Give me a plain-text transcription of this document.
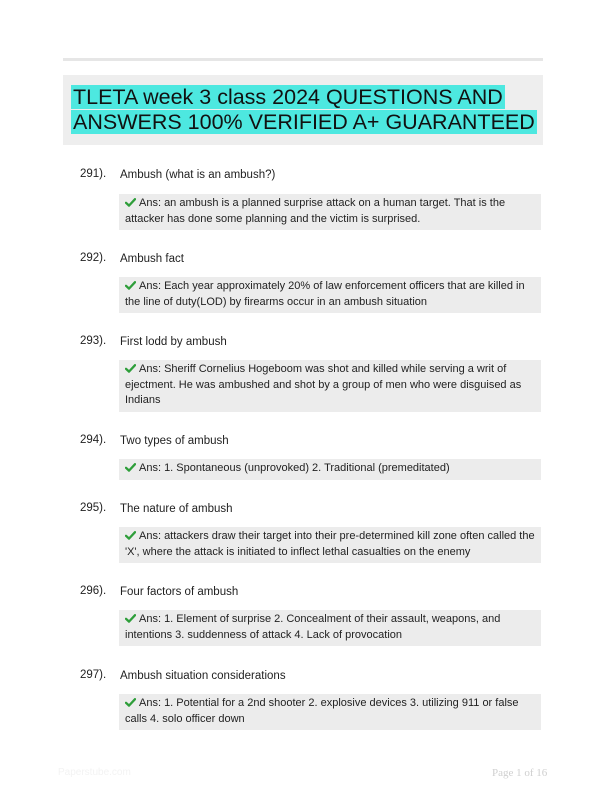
TLETA week 3 class 2024 QUESTIONS AND
ANSWERS 100% VERIFIED A+ GUARANTEED
291). Ambush (what is an ambush?)
Ans: an ambush is a planned surprise attack on a human target. That is the attacker has done some planning and the victim is surprised.
292). Ambush fact
Ans: Each year approximately 20% of law enforcement officers that are killed in the line of duty(LOD) by firearms occur in an ambush situation
293). First lodd by ambush
Ans: Sheriff Cornelius Hogeboom was shot and killed while serving a writ of ejectment. He was ambushed and shot by a group of men who were disguised as Indians
294). Two types of ambush
Ans: 1. Spontaneous (unprovoked) 2. Traditional (premeditated)
295). The nature of ambush
Ans: attackers draw their target into their pre-determined kill zone often called the 'X', where the attack is initiated to inflect lethal casualties on the enemy
296). Four factors of ambush
Ans: 1. Element of surprise 2. Concealment of their assault, weapons, and intentions 3. suddenness of attack 4. Lack of provocation
297). Ambush situation considerations
Ans: 1. Potential for a 2nd shooter 2. explosive devices 3. utilizing 911 or false calls 4. solo officer down
Paperstube.com	Page 1 of 16
